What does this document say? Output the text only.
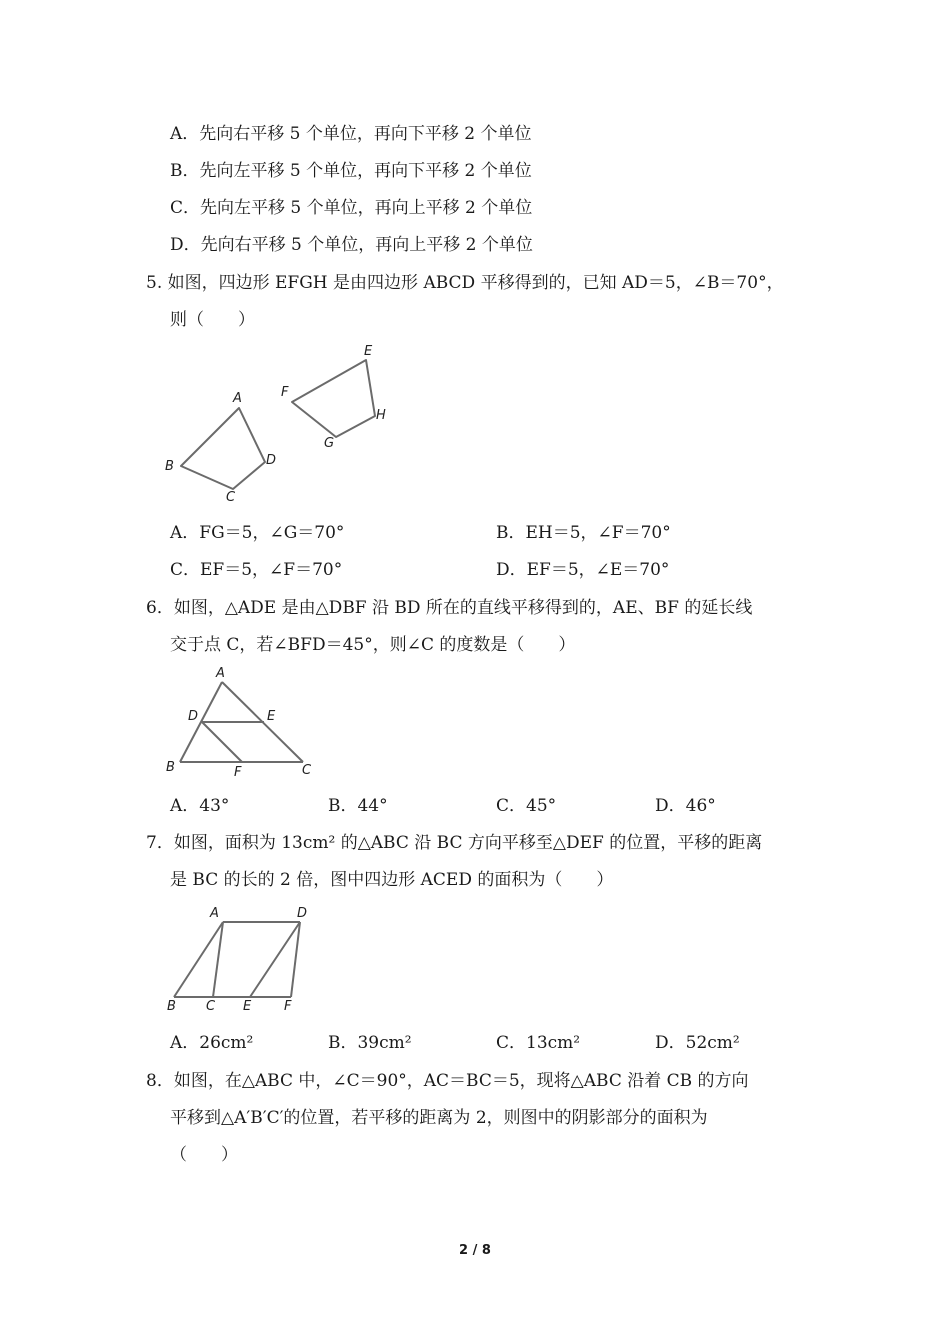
A．先向右平移 5 个单位，再向下平移 2 个单位
B．先向左平移 5 个单位，再向下平移 2 个单位
C．先向左平移 5 个单位，再向上平移 2 个单位
D．先向右平移 5 个单位，再向上平移 2 个单位
5. 如图，四边形 EFGH 是由四边形 ABCD 平移得到的，已知 AD＝5，∠B＝70°，
则（　　）
A
B
C
D
E
F
G
H
A．FG＝5，∠G＝70°	B．EH＝5，∠F＝70°
C．EF＝5，∠F＝70°	D．EF＝5，∠E＝70°
6．如图，△ADE 是由△DBF 沿 BD 所在的直线平移得到的，AE、BF 的延长线
交于点 C，若∠BFD＝45°，则∠C 的度数是（　　）
A
B	C
D	E
F
A．43°	B．44°	C．45°	D．46°
7．如图，面积为 13cm² 的△ABC 沿 BC 方向平移至△DEF 的位置，平移的距离
是 BC 的长的 2 倍，图中四边形 ACED 的面积为（　　）
A
B C
D
E	F
A．26cm²	B．39cm²	C．13cm²	D．52cm²
8．如图，在△ABC 中，∠C＝90°，AC＝BC＝5，现将△ABC 沿着 CB 的方向
平移到△A′B′C′的位置，若平移的距离为 2，则图中的阴影部分的面积为
（　　）
2 / 8
